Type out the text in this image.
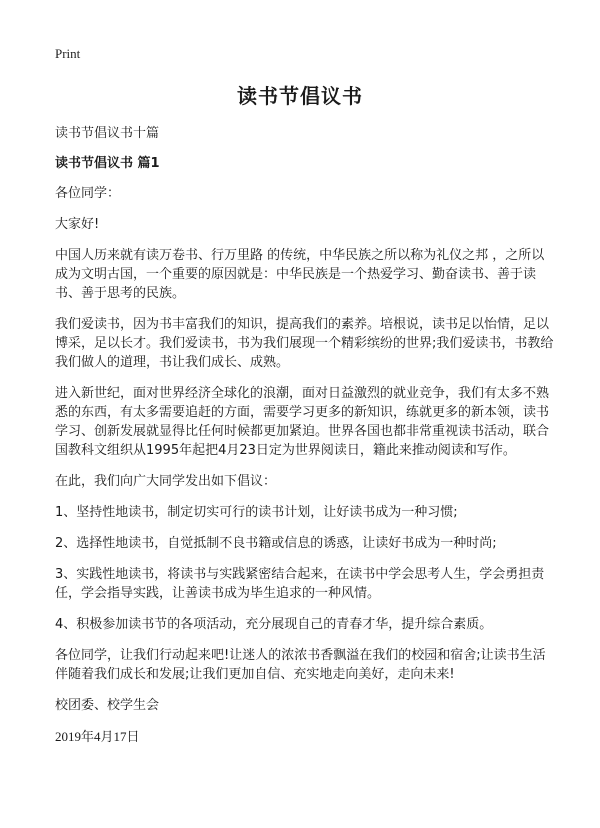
Print
读书节倡议书

读书节倡议书十篇

读书节倡议书 篇1

各位同学：

大家好!

中国人历来就有读万卷书、行万里路 的传统，中华民族之所以称为礼仪之邦 ，之所以成为文明古国，一个重要的原因就是：中华民族是一个热爱学习、勤奋读书、善于读书、善于思考的民族。

我们爱读书，因为书丰富我们的知识，提高我们的素养。培根说，读书足以怡情，足以博采，足以长才。我们爱读书，书为我们展现一个精彩缤纷的世界;我们爱读书，书教给我们做人的道理，书让我们成长、成熟。

进入新世纪，面对世界经济全球化的浪潮，面对日益激烈的就业竞争，我们有太多不熟悉的东西，有太多需要追赶的方面，需要学习更多的新知识，练就更多的新本领，读书学习、创新发展就显得比任何时候都更加紧迫。世界各国也都非常重视读书活动，联合国教科文组织从1995年起把4月23日定为世界阅读日，籍此来推动阅读和写作。

在此，我们向广大同学发出如下倡议：

1、坚持性地读书，制定切实可行的读书计划，让好读书成为一种习惯;

2、选择性地读书，自觉抵制不良书籍或信息的诱惑，让读好书成为一种时尚;

3、实践性地读书，将读书与实践紧密结合起来，在读书中学会思考人生，学会勇担责任，学会指导实践，让善读书成为毕生追求的一种风情。

4、积极参加读书节的各项活动，充分展现自己的青春才华，提升综合素质。

各位同学，让我们行动起来吧!让迷人的浓浓书香飘溢在我们的校园和宿舍;让读书生活伴随着我们成长和发展;让我们更加自信、充实地走向美好，走向未来!

校团委、校学生会

2019年4月17日
